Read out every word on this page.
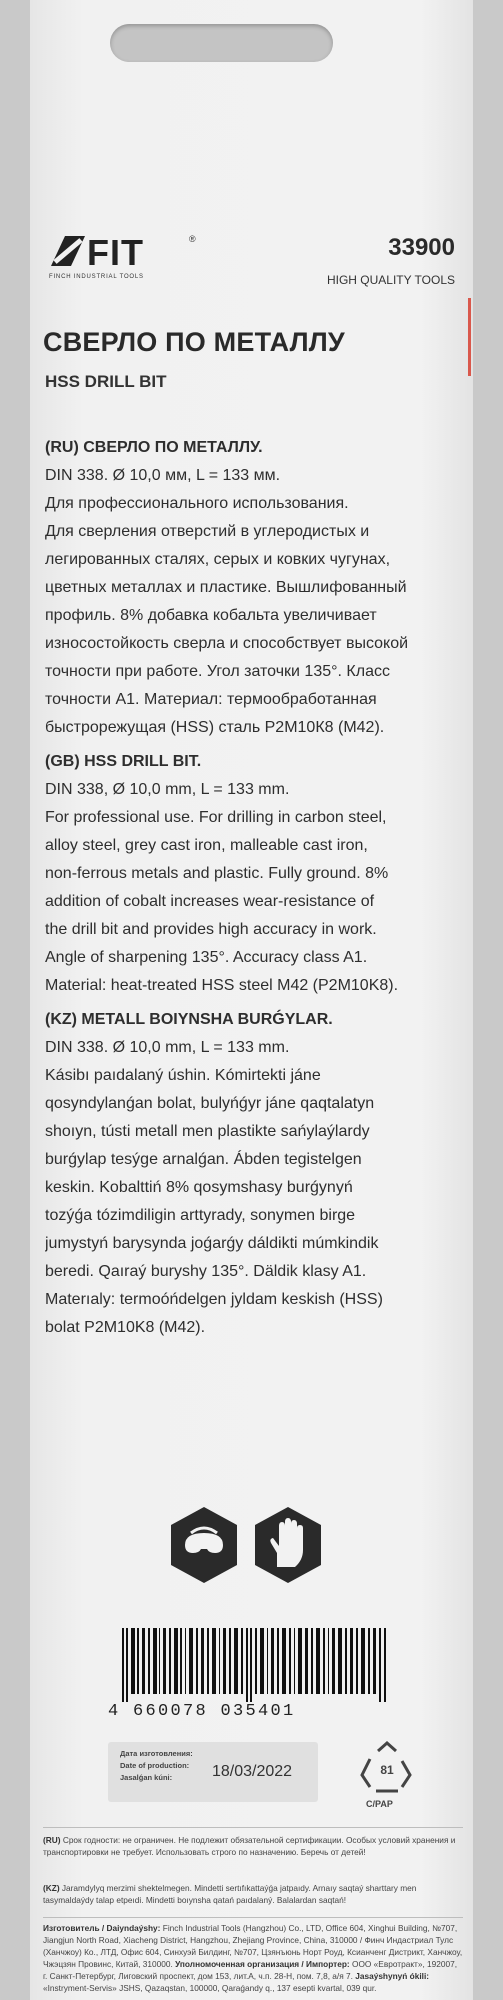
FIT	®
FINCH INDUSTRIAL TOOLS
33900
HIGH QUALITY TOOLS
СВЕРЛО ПО МЕТАЛЛУ
HSS DRILL BIT
(RU) СВЕРЛО ПО МЕТАЛЛУ.
DIN 338. Ø 10,0 мм, L = 133 мм.
Для профессионального использования.
Для сверления отверстий в углеродистых и
легированных сталях, серых и ковких чугунах,
цветных металлах и пластике. Вышлифованный
профиль. 8% добавка кобальта увеличивает
износостойкость сверла и способствует высокой
точности при работе. Угол заточки 135°. Класс
точности А1. Материал: термообработанная
быстрорежущая (HSS) сталь Р2М10К8 (М42).
(GB) HSS DRILL BIT.
DIN 338, Ø 10,0 mm, L = 133 mm.
For professional use. For drilling in carbon steel,
alloy steel, grey cast iron, malleable cast iron,
non-ferrous metals and plastic. Fully ground. 8%
addition of cobalt increases wear-resistance of
the drill bit and provides high accuracy in work.
Angle of sharpening 135°. Accuracy class A1.
Material: heat-treated HSS steel M42 (P2M10K8).
(KZ) METALL BOIYNSHA BURǴYLAR.
DIN 338. Ø 10,0 mm, L = 133 mm.
Kásibı paıdalaný úshin. Kómirtekti jáne
qosyndylanǵan bolat, bulyńǵyr jáne qaqtalatyn
shoıyn, tústi metall men plastikte sańylaýlardy
burǵylap tesýge arnalǵan. Ábden tegistelgen
keskin. Kobalttiń 8% qosymshasy burǵynyń
tozýǵa tózimdiligin arttyrady, sonymen birge
jumystyń barysynda joǵarǵy dáldikti múmkindik
beredi. Qaıraý buryshy 135°. Däldik klasy A1.
Materıaly: termoóńdelgen jyldam keskish (HSS)
bolat P2M10K8 (M42).
4 660078 035401
Дата изготовления:
Date of production:
Jasalǵan kúni: 18/03/2022	81
C/PAP
(RU) Срок годности: не ограничен. Не подлежит обязательной сертификации. Особых условий хранения и транспортировки не требует. Использовать строго по назначению. Беречь от детей!
(KZ) Jaramdylyq merzimi shektelmegen. Mindetti sertıfıkattaýǵa jatpaıdy. Arnaıy saqtaý sharttary men tasymaldaýdy talap etpeıdi. Mindetti boıynsha qatań paıdalaný. Balalardan saqtań!
Изготовитель / Daiyndaýshy: Finch Industrial Tools (Hangzhou) Co., LTD, Office 604, Xinghui Building, №707, Jiangjun North Road, Xiacheng District, Hangzhou, Zhejiang Province, China, 310000 / Финч Индастриал Тулс (Ханчжоу) Ко., ЛТД, Офис 604, Синхуэй Билдинг, №707, Цзянъюнь Норт Роуд, Ксианченг Дистрикт, Ханчжоу, Чжэцзян Провинс, Китай, 310000. Уполномоченная организация / Импортер: ООО «Евротракт», 192007, г. Санкт-Петербург, Лиговский проспект, дом 153, лит.А, ч.п. 28-Н, пом. 7,8, а/я 7. Jasaýshynyń ókili: «Instryment-Servis» JSHS, Qazaqstan, 100000, Qaraǵandy q., 137 esepti kvartal, 039 qur.
